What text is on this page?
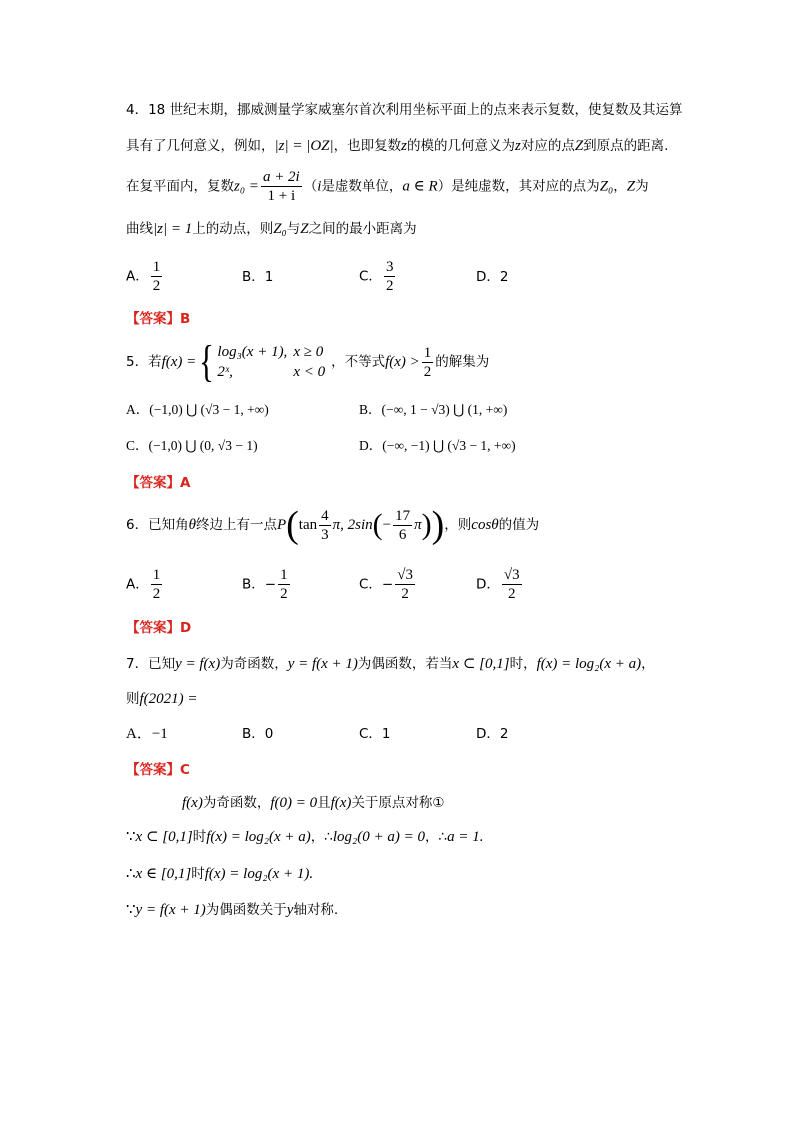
4．18 世纪末期，挪威测量学家威塞尔首次利用坐标平面上的点来表示复数，使复数及其运算
具有了几何意义，例如，|z| = |OZ|，也即复数z的模的几何意义为z对应的点Z到原点的距离.
在复平面内，复数$z_0 = \frac{a + 2i}{1 + i} (i$是虚数单位，a ∈ R）是纯虚数，其对应的点为Z₀，Z为
曲线|z| = 1上的动点，则Z₀与Z之间的最小距离为
A． $\frac{1}{2}$	B．1	C． $\frac{3}{2}$	D．2
【答案】B
5．若f(x) ={ log₃(x + 1),	x ≥ 0
2ˣ,	x < 0，不等式$f(x) > \frac{1}{2}$ 的解集为
A．(−1,0) ⋃ (√3 − 1, +∞)	B．(−∞, 1 − √3) ⋃ (1, +∞)
C．(−1,0) ⋃ (0, √3 − 1)	D．(−∞, −1) ⋃ (√3 − 1, +∞)
【答案】A
6．已知角θ终边上有一点$P(\tan \frac{4}{3} \pi$, $2\sin(- \frac{17}{6} \pi)$)，则cosθ的值为
A． $\frac{1}{2}$	B．− $\frac{1}{2}$	C．− $\frac{√3}{2}$	D． $\frac{√3}{2}$
【答案】D
7．已知y = f(x)为奇函数，y = f(x + 1)为偶函数，若当x ⊂ [0,1]时，f(x) = log₂(x + a)，
则f(2021) =
A．−1	B．0	C．1	D．2
【答案】C
f(x)为奇函数，f(0) = 0且f(x)关于原点对称①
∵x ⊂ [0,1]时f(x) = log₂(x + a)，∴log₂(0 + a) = 0，∴a = 1.
∴x ∈ [0,1]时f(x) = log₂(x + 1).
∵y = f(x + 1)为偶函数关于y轴对称.
